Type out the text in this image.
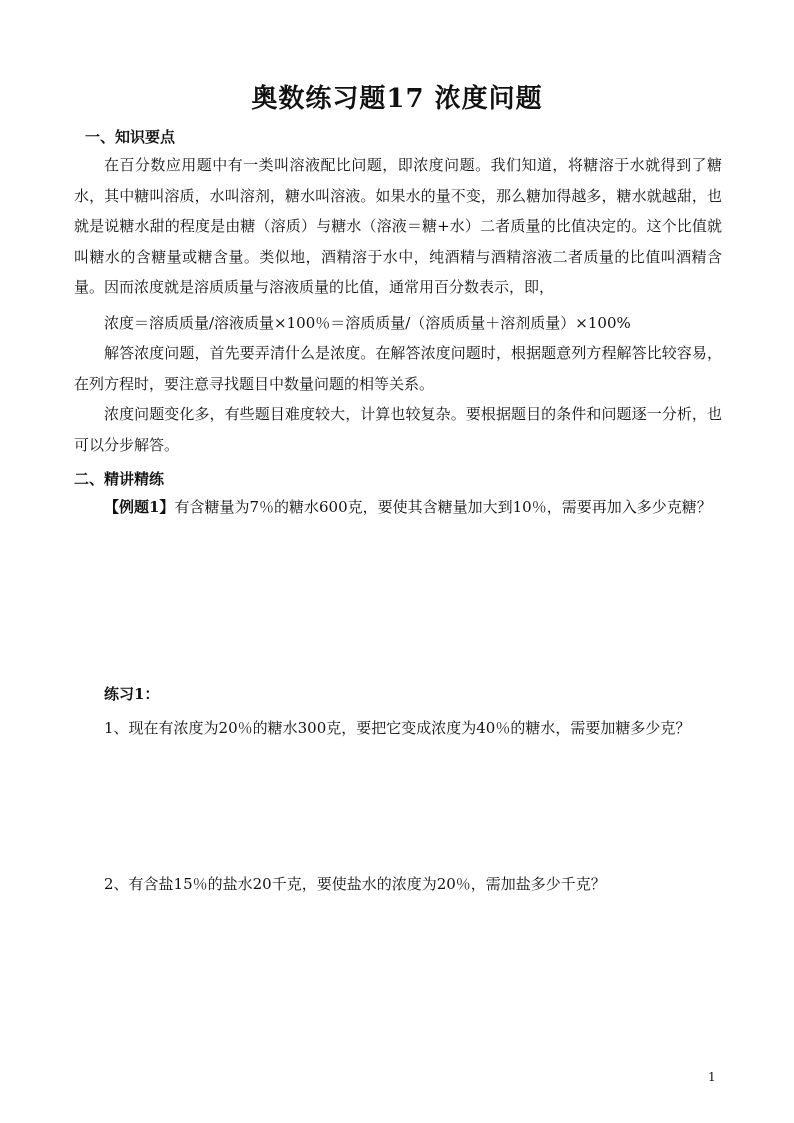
奥数练习题17 浓度问题
一、知识要点
在百分数应用题中有一类叫溶液配比问题，即浓度问题。我们知道，将糖溶于水就得到了糖水，其中糖叫溶质，水叫溶剂，糖水叫溶液。如果水的量不变，那么糖加得越多，糖水就越甜，也就是说糖水甜的程度是由糖（溶质）与糖水（溶液＝糖+水）二者质量的比值决定的。这个比值就叫糖水的含糖量或糖含量。类似地，酒精溶于水中，纯酒精与酒精溶液二者质量的比值叫酒精含量。因而浓度就是溶质质量与溶液质量的比值，通常用百分数表示，即，
浓度＝溶质质量/溶液质量×100％＝溶质质量/（溶质质量＋溶剂质量）×100%
解答浓度问题，首先要弄清什么是浓度。在解答浓度问题时，根据题意列方程解答比较容易，在列方程时，要注意寻找题目中数量问题的相等关系。
浓度问题变化多，有些题目难度较大，计算也较复杂。要根据题目的条件和问题逐一分析，也可以分步解答。
二、精讲精练
【例题1】有含糖量为7％的糖水600克，要使其含糖量加大到10％，需要再加入多少克糖？
练习1：
1、现在有浓度为20％的糖水300克，要把它变成浓度为40％的糖水，需要加糖多少克？
2、有含盐15％的盐水20千克，要使盐水的浓度为20％，需加盐多少千克？
1
